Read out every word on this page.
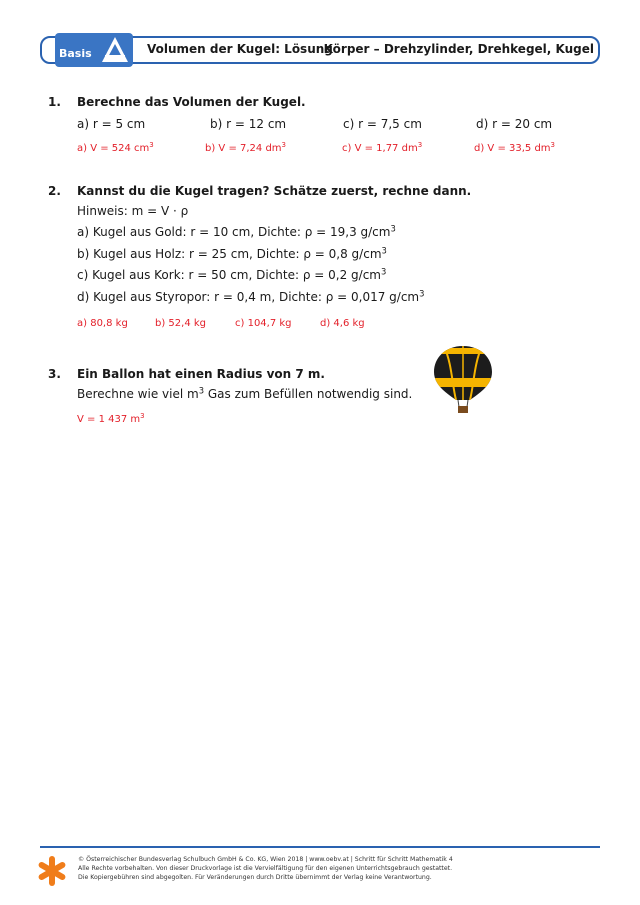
Basis	Volumen der Kugel: Lösung
Körper – Drehzylinder, Drehkegel, Kugel
1. Berechne das Volumen der Kugel.
a) r = 5 cm	b) r = 12 cm	c) r = 7,5 cm	d) r = 20 cm
a) V = 524 $cm^3$	b) V = 7,24 $dm^3$	c) V = 1,77 $dm^3$	d) V = 33,5 $dm^3$
2. Kannst du die Kugel tragen? Schätze zuerst, rechne dann.
Hinweis: m = V · ρ
a) Kugel aus Gold: r = 10 cm, Dichte: ρ = 19,3 $g/cm^3$
b) Kugel aus Holz: r = 25 cm, Dichte: ρ = 0,8 $g/cm^3$
c) Kugel aus Kork: r = 50 cm, Dichte: ρ = 0,2 $g/cm^3$
d) Kugel aus Styropor: r = 0,4 m, Dichte: ρ = 0,017 $g/cm^3$
a) 80,8 kg	b) 52,4 kg	c) 104,7 kg	d) 4,6 kg
3. Ein Ballon hat einen Radius von 7 m.
Berechne wie viel $m^3$ Gas zum Befüllen notwendig sind.
V = 1 437 $m^3$
© Österreichischer Bundesverlag Schulbuch GmbH & Co. KG, Wien 2018 | www.oebv.at | Schritt für Schritt Mathematik 4
Alle Rechte vorbehalten. Von dieser Druckvorlage ist die Vervielfältigung für den eigenen Unterrichtsgebrauch gestattet.
Die Kopiergebühren sind abgegolten. Für Veränderungen durch Dritte übernimmt der Verlag keine Verantwortung.
